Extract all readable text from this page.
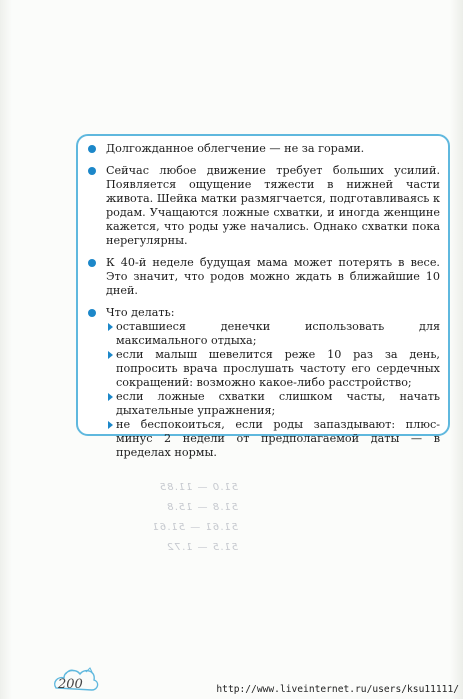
Долгожданное облегчение — не за горами.
Сейчас любое движение требует больших усилий. Появляется ощущение тяжести в нижней части живота. Шейка матки размягчается, подготавливаясь к родам. Учащаются ложные схватки, и иногда женщине кажется, что роды уже начались. Однако схватки пока нерегулярны.
К 40-й неделе будущая мама может потерять в весе. Это значит, что родов можно ждать в ближайшие 10 дней.
Что делать:
оставшиеся денечки использовать для максимального отдыха;
если малыш шевелится реже 10 раз за день, попросить врача прослушать частоту его сердечных сокращений: возможно какое-либо расстройство;
если ложные схватки слишком часты, начать дыхательные упражнения;
не беспокоиться, если роды запаздывают: плюс-минус 2 недели от предполагаемой даты — в пределах нормы.
51.0 — 11.85
51.8 — 15.8
51.61 — 51.61
51.5 — 1.72
200	http://www.liveinternet.ru/users/ksu11111/
